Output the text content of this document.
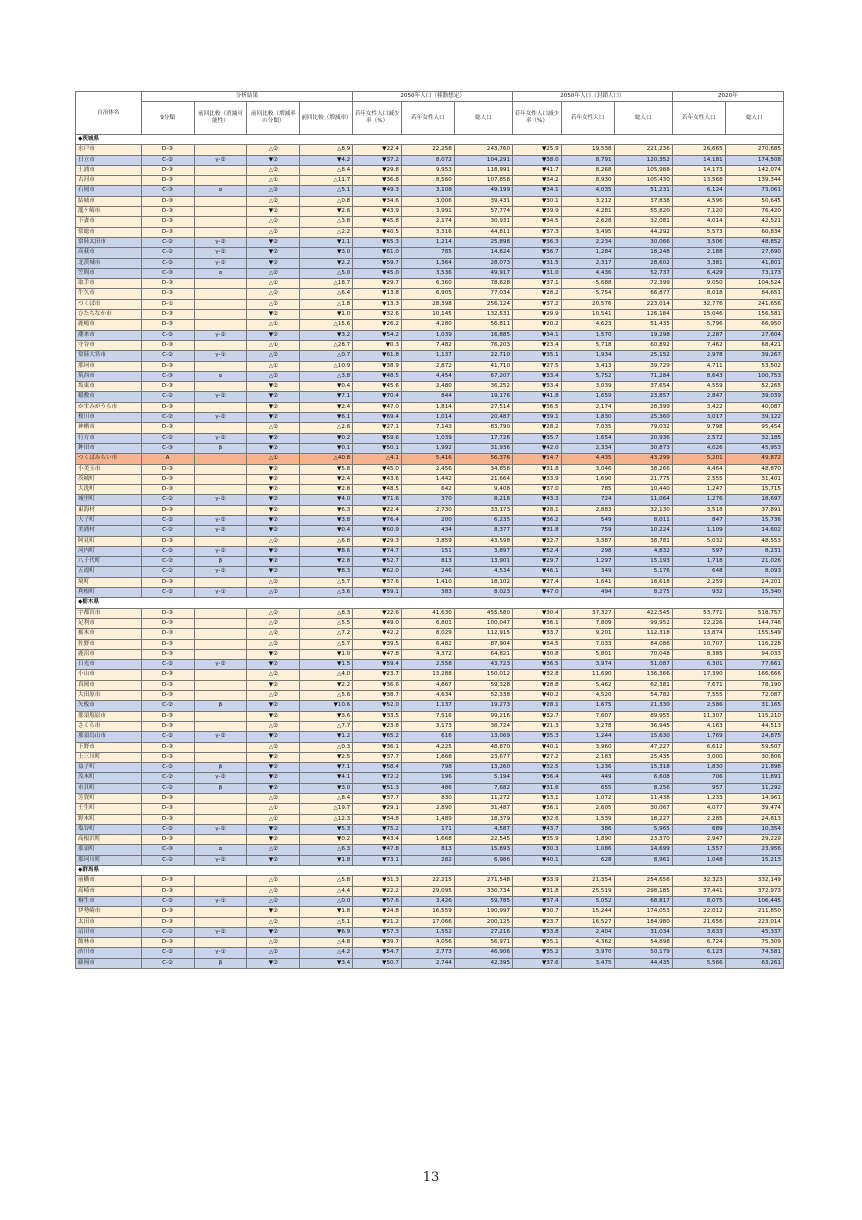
自治体名	分析結果				2050年人口（移動想定）			2050年人口（封鎖人口）			2020年	
	9分類	前回比較（消滅可能性）	前回比較（増減率の分類）	前回比較（増減率）	若年女性人口減少率（%）	若年女性人口	総人口	若年女性人口減少率（%）	若年女性人口	総人口	若年女性人口	総人口
◆茨城県												
水戸市	D-③		△②	△8.9	▼22.4	22,258	243,760	▼25.9	19,538	221,236	26,665	270,685
日立市	C-②	γ-②	▼②	▼4.2	▼37.2	8,072	104,291	▼38.0	8,791	120,352	14,181	174,508
土浦市	D-③		△②	△8.4	▼29.8	9,953	118,991	▼41.7	8,268	105,988	14,173	142,074
古河市	D-③		△①	△11.7	▼36.8	8,560	107,858	▼34.2	8,930	105,430	13,568	139,344
石岡市	C-③	α	△②	△5.1	▼49.3	3,108	49,199	▼34.1	4,035	51,231	6,124	73,061
結城市	D-③		△②	△0.8	▼34.6	3,006	39,431	▼30.1	3,212	37,838	4,596	50,645
龍ケ崎市	D-③		▼②	▼2.6	▼43.9	3,991	57,774	▼39.9	4,281	55,820	7,120	76,420
下妻市	D-③		△②	△3.8	▼45.8	2,174	30,931	▼34.5	2,628	32,081	4,014	42,521
常総市	D-③		△②	△2.2	▼40.5	3,316	44,811	▼37.3	3,495	44,292	5,573	60,834
常陸太田市	C-②	γ-②	▼②	▼1.1	▼65.3	1,214	25,898	▼36.3	2,234	30,066	3,506	48,852
高萩市	C-②	γ-②	▼②	▼3.0	▼61.0	785	14,824	▼36.7	1,284	18,248	2,188	27,690
北茨城市	C-②	γ-②	▼②	▼2.2	▼59.7	1,364	28,073	▼31.5	2,317	28,602	3,381	41,801
笠間市	C-③	α	△②	△5.0	▼45.0	3,536	49,917	▼31.0	4,436	52,737	6,429	73,173
取手市	D-③		△①	△18.7	▼29.7	6,360	78,828	▼37.1	5,688	72,399	9,050	104,524
牛久市	D-③		△②	△6.4	▼13.8	6,905	77,034	▼28.2	5,754	66,877	8,018	84,651
つくば市	D-①		△②	△1.8	▼13.3	28,398	256,124	▼37.2	20,576	223,014	32,776	241,656
ひたちなか市	D-③		▼②	▼1.0	▼32.6	10,145	132,531	▼29.9	10,541	126,184	15,046	156,581
鹿嶋市	D-③		△①	△15.6	▼26.2	4,280	56,811	▼20.2	4,623	51,435	5,796	66,950
潮来市	C-②	γ-②	▼②	▼3.2	▼54.2	1,039	16,885	▼34.1	1,570	19,298	2,287	27,604
守谷市	D-③		△①	△28.7	▼0.3	7,482	76,203	▼23.4	5,718	60,892	7,462	68,421
常陸大宮市	C-②	γ-①	△②	△0.7	▼61.8	1,137	22,710	▼35.1	1,934	25,152	2,978	39,267
那珂市	D-③		△①	△10.9	▼38.9	2,872	41,710	▼27.5	3,413	39,729	4,711	53,502
筑西市	C-③	α	△②	△3.8	▼48.5	4,454	67,207	▼33.4	5,752	71,284	8,643	100,753
坂東市	D-③		▼②	▼0.4	▼45.6	2,480	36,252	▼33.4	3,039	37,654	4,559	52,265
稲敷市	C-②	γ-②	▼②	▼7.1	▼70.4	844	19,176	▼41.8	1,659	23,857	2,847	39,039
かすみがうら市	D-③		▼②	▼2.4	▼47.0	1,814	27,514	▼36.5	2,174	28,399	3,422	40,087
桜川市	C-②	γ-②	▼②	▼6.1	▼69.4	1,014	20,487	▼39.1	1,830	25,360	3,017	39,122
神栖市	D-③		△②	△2.6	▼27.1	7,143	83,790	▼28.2	7,035	79,032	9,798	95,454
行方市	C-②	γ-②	▼②	▼0.2	▼59.6	1,039	17,726	▼35.7	1,654	20,936	2,572	32,185
鉾田市	C-③	β	▼②	▼0.1	▼50.1	1,992	31,936	▼42.0	2,334	30,873	4,026	45,953
つくばみらい市	A		△①	△40.8	△4.1	5,416	56,376	▼14.7	4,435	43,299	5,201	49,872
小美玉市	D-③		▼②	▼5.8	▼45.0	2,456	34,858	▼31.8	3,046	38,266	4,464	48,870
茨城町	D-③		▼②	▼2.4	▼43.6	1,442	21,664	▼33.9	1,690	21,775	2,555	31,401
大洗町	D-③		▼②	▼2.8	▼48.5	642	9,408	▼37.0	785	10,440	1,247	15,715
城里町	C-②	γ-②	▼②	▼4.0	▼71.6	370	8,218	▼43.3	724	11,064	1,276	18,697
東海村	D-③		▼②	▼6.3	▼22.4	2,730	33,173	▼28.1	2,883	32,130	3,518	37,891
大子町	C-②	γ-②	▼②	▼3.8	▼76.4	200	6,235	▼36.2	549	8,011	847	15,736
美浦村	C-②	γ-②	▼②	▼0.4	▼60.9	434	8,377	▼31.8	759	10,224	1,109	14,602
阿見町	D-③		△②	△6.8	▼29.3	3,859	43,598	▼32.7	3,387	38,781	5,032	48,553
河内町	C-②	γ-②	▼②	▼8.6	▼74.7	151	3,897	▼52.4	298	4,832	597	8,231
八千代町	C-②	β	▼②	▼2.8	▼52.7	813	13,901	▼29.7	1,297	15,193	1,718	21,026
五霞町	C-②	γ-②	▼②	▼8.3	▼62.0	246	4,534	▼46.1	349	5,176	648	8,093
境町	D-③		△②	△5.7	▼37.6	1,410	18,102	▼27.4	1,641	18,618	2,259	24,201
利根町	C-②	γ-①	△②	△3.6	▼59.1	383	8,023	▼47.0	494	8,275	932	15,340
◆栃木県												
宇都宮市	D-③		△②	△8.3	▼22.6	41,630	455,580	▼30.4	37,327	422,545	53,771	518,757
足利市	D-③		△②	△5.5	▼49.0	6,801	100,047	▼36.1	7,809	99,952	12,226	144,746
栃木市	D-③		△②	△7.2	▼42.2	8,029	112,915	▼33.7	9,201	112,318	13,874	155,549
佐野市	D-③		△②	△5.7	▼39.5	6,482	87,904	▼34.5	7,033	84,086	10,707	116,228
鹿沼市	D-③		▼②	▼1.0	▼47.8	4,372	64,821	▼30.8	5,801	70,048	8,385	94,033
日光市	C-②	γ-②	▼②	▼1.5	▼59.4	2,558	43,723	▼36.5	3,974	51,087	6,301	77,661
小山市	D-③		△②	△4.0	▼23.7	13,288	150,012	▼32.8	11,690	136,366	17,390	166,666
真岡市	D-③		▼②	▼2.2	▼36.6	4,867	59,328	▼28.8	5,462	62,381	7,671	78,190
大田原市	D-③		△②	△5.6	▼38.7	4,634	52,338	▼40.2	4,520	54,782	7,555	72,087
矢板市	C-②	β	▼②	▼10.6	▼52.0	1,137	19,273	▼28.1	1,675	21,330	2,586	31,165
那須塩原市	D-③		▼②	▼3.6	▼33.5	7,516	99,216	▼32.7	7,607	89,955	11,307	115,210
さくら市	D-③		△②	△7.7	▼23.8	3,173	38,724	▼21.3	3,278	36,945	4,163	44,513
那須烏山市	C-②	γ-②	▼②	▼1.2	▼65.2	616	13,069	▼35.3	1,244	15,630	1,769	24,875
下野市	D-③		△②	△0.3	▼36.1	4,225	48,870	▼40.1	3,960	47,227	6,612	59,507
上三川町	D-③		▼②	▼2.5	▼37.7	1,868	23,677	▼27.2	2,183	25,435	3,000	30,806
益子町	C-②	β	▼②	▼7.1	▼58.4	798	13,260	▼32.5	1,236	15,318	1,830	21,898
茂木町	C-②	γ-②	▼②	▼4.1	▼72.2	196	5,194	▼36.4	449	6,608	706	11,891
市貝町	C-②	β	▼②	▼3.0	▼51.3	486	7,682	▼31.6	655	8,256	957	11,292
芳賀町	D-③		△②	△8.4	▼37.7	830	11,272	▼13.1	1,072	11,438	1,233	14,961
壬生町	D-③		△①	△19.7	▼29.1	2,890	31,487	▼36.1	2,605	30,067	4,077	39,474
野木町	D-③		△①	△12.3	▼34.8	1,489	18,379	▼32.6	1,539	18,227	2,285	24,813
塩谷町	C-②	γ-②	▼②	▼5.3	▼75.2	171	4,587	▼43.7	386	5,965	689	10,354
高根沢町	D-③		▼②	▼0.2	▼43.4	1,668	22,545	▼35.9	1,890	23,370	2,947	29,229
那須町	C-③	α	△②	△6.3	▼47.8	813	15,893	▼30.3	1,086	14,699	1,557	23,956
那珂川町	C-②	γ-②	▼②	▼1.8	▼73.1	282	6,986	▼40.1	628	8,961	1,048	15,213
◆群馬県												
前橋市	D-③		△②	△5.8	▼31.3	22,215	271,548	▼33.9	21,354	254,656	32,323	332,149
高崎市	D-③		△②	△4.4	▼22.2	29,095	330,734	▼31.8	25,519	298,185	37,441	372,973
桐生市	C-②	γ-①	△②	△0.0	▼57.6	3,426	59,785	▼37.4	5,052	68,817	8,075	106,445
伊勢崎市	D-③		▼②	▼1.8	▼24.8	16,559	190,997	▼30.7	15,244	174,053	22,012	211,850
太田市	D-③		△②	△5.1	▼21.2	17,066	200,125	▼23.7	16,527	184,980	21,656	223,014
沼田市	C-②	γ-②	▼②	▼6.9	▼57.3	1,552	27,216	▼33.8	2,404	31,034	3,633	45,337
館林市	D-③		△②	△4.8	▼39.7	4,056	56,971	▼35.1	4,362	54,898	6,724	75,309
渋川市	C-②	γ-①	△②	△4.2	▼54.7	2,773	46,906	▼35.2	3,970	50,179	6,123	74,581
藤岡市	C-②	β	▼②	▼3.4	▼50.7	2,744	42,395	▼37.6	3,475	44,435	5,566	63,261
13
